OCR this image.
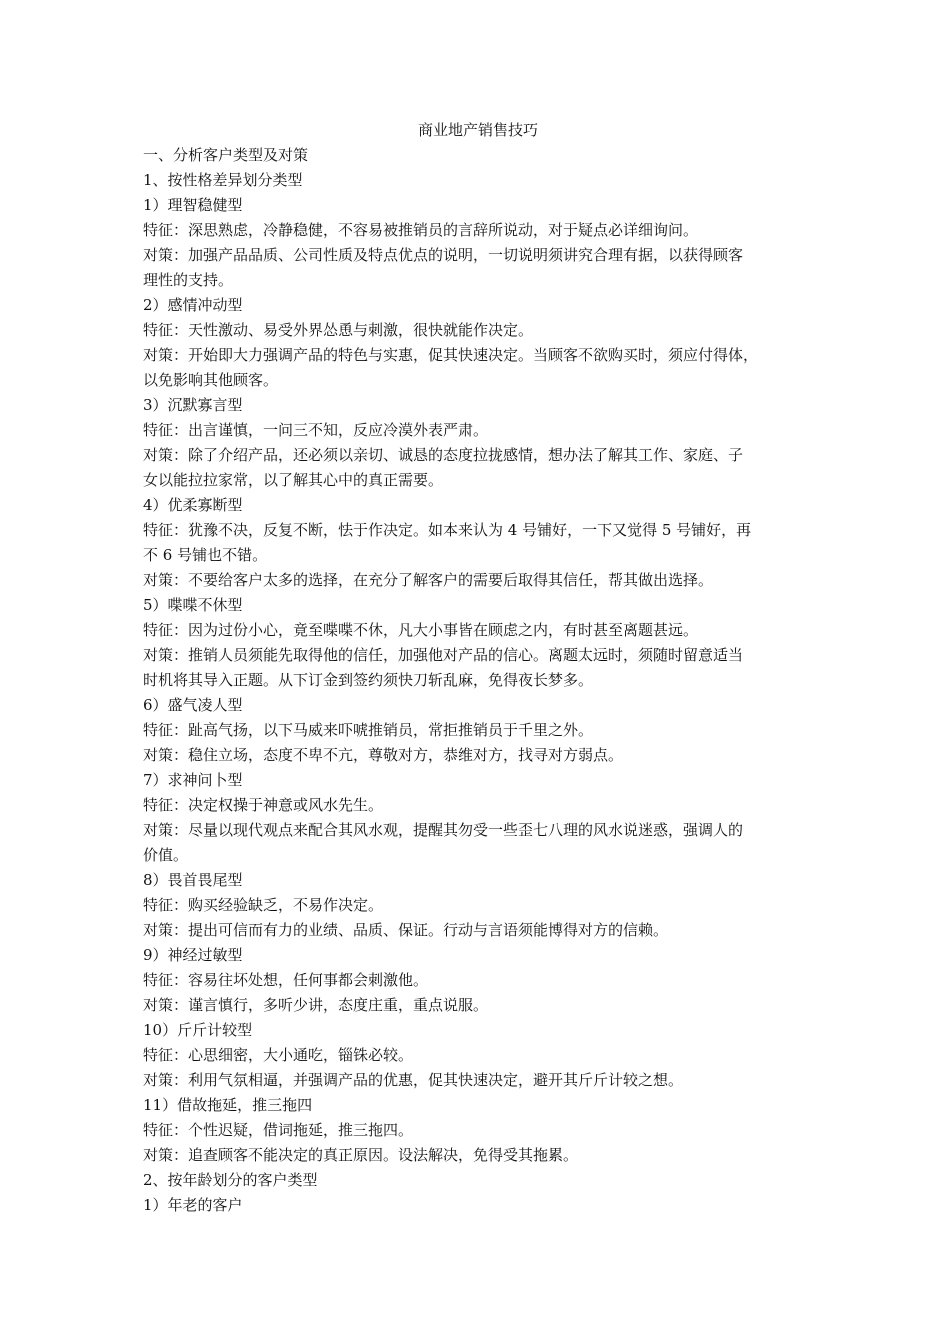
商业地产销售技巧

一、分析客户类型及对策

1、按性格差异划分类型

1）理智稳健型

特征：深思熟虑，冷静稳健，不容易被推销员的言辞所说动，对于疑点必详细询问。

对策：加强产品品质、公司性质及特点优点的说明，一切说明须讲究合理有据，以获得顾客

理性的支持。

2）感情冲动型

特征：天性激动、易受外界怂恿与刺激，很快就能作决定。

对策：开始即大力强调产品的特色与实惠，促其快速决定。当顾客不欲购买时，须应付得体，

以免影响其他顾客。

3）沉默寡言型

特征：出言谨慎，一问三不知，反应冷漠外表严肃。

对策：除了介绍产品，还必须以亲切、诚恳的态度拉拢感情，想办法了解其工作、家庭、子

女以能拉拉家常，以了解其心中的真正需要。

4）优柔寡断型

特征：犹豫不决，反复不断，怯于作决定。如本来认为 4 号铺好，一下又觉得 5 号铺好，再

不 6 号铺也不错。

对策：不要给客户太多的选择，在充分了解客户的需要后取得其信任，帮其做出选择。

5）喋喋不休型

特征：因为过份小心，竟至喋喋不休，凡大小事皆在顾虑之内，有时甚至离题甚远。

对策：推销人员须能先取得他的信任，加强他对产品的信心。离题太远时，须随时留意适当

时机将其导入正题。从下订金到签约须快刀斩乱麻，免得夜长梦多。

6）盛气凌人型

特征：趾高气扬，以下马威来吓唬推销员，常拒推销员于千里之外。

对策：稳住立场，态度不卑不亢，尊敬对方，恭维对方，找寻对方弱点。

7）求神问卜型

特征：决定权操于神意或风水先生。

对策：尽量以现代观点来配合其风水观，提醒其勿受一些歪七八理的风水说迷惑，强调人的

价值。

8）畏首畏尾型

特征：购买经验缺乏，不易作决定。

对策：提出可信而有力的业绩、品质、保证。行动与言语须能博得对方的信赖。

9）神经过敏型

特征：容易往坏处想，任何事都会刺激他。

对策：谨言慎行，多听少讲，态度庄重，重点说服。

10）斤斤计较型

特征：心思细密，大小通吃，锱铢必较。

对策：利用气氛相逼，并强调产品的优惠，促其快速决定，避开其斤斤计较之想。

11）借故拖延，推三拖四

特征：个性迟疑，借词拖延，推三拖四。

对策：追查顾客不能决定的真正原因。设法解决，免得受其拖累。

2、按年龄划分的客户类型

1）年老的客户
